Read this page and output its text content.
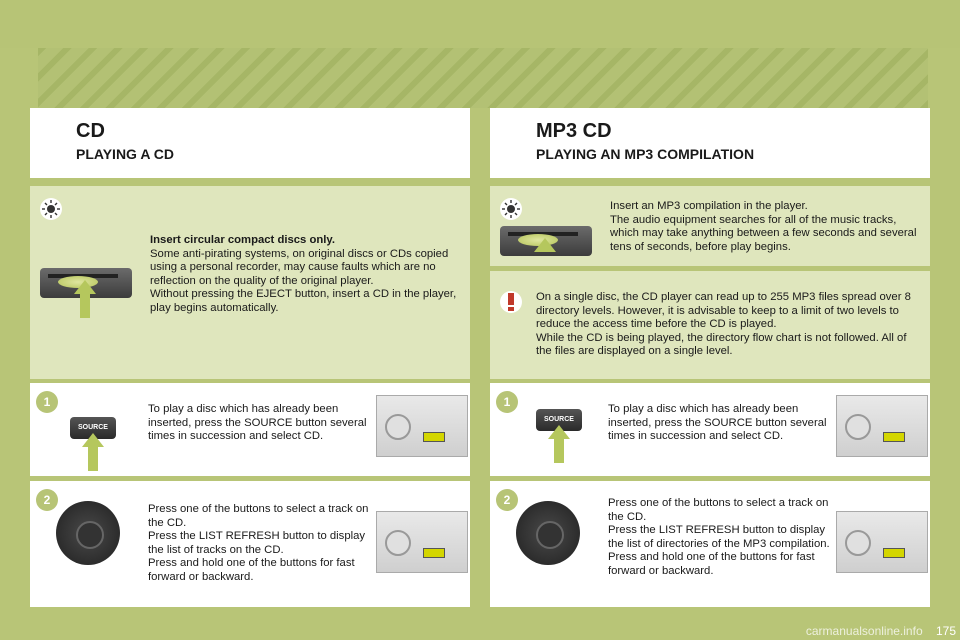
CD
PLAYING A CD
Insert circular compact discs only.
Some anti-pirating systems, on original discs or CDs copied using a personal recorder, may cause faults which are no reflection on the quality of the original player.
Without pressing the EJECT button, insert a CD in the player, play begins automatically.
1
SOURCE
To play a disc which has already been inserted, press the SOURCE button several times in succession and select CD.
2
Press one of the buttons to select a track on the CD.
Press the LIST REFRESH button to display the list of tracks on the CD.
Press and hold one of the buttons for fast forward or backward.
MP3 CD
PLAYING AN MP3 COMPILATION
Insert an MP3 compilation in the player.
The audio equipment searches for all of the music tracks, which may take anything between a few seconds and several tens of seconds, before play begins.
On a single disc, the CD player can read up to 255 MP3 files spread over 8 directory levels. However, it is advisable to keep to a limit of two levels to reduce the access time before the CD is played.
While the CD is being played, the directory flow chart is not followed. All of the files are displayed on a single level.
1
SOURCE
To play a disc which has already been inserted, press the SOURCE button several times in succession and select CD.
2	Press one of the buttons to select a track on the CD.
Press the LIST REFRESH button to display the list of directories of the MP3 compilation.
Press and hold one of the buttons for fast forward or backward.
carmanualsonline.info 175
